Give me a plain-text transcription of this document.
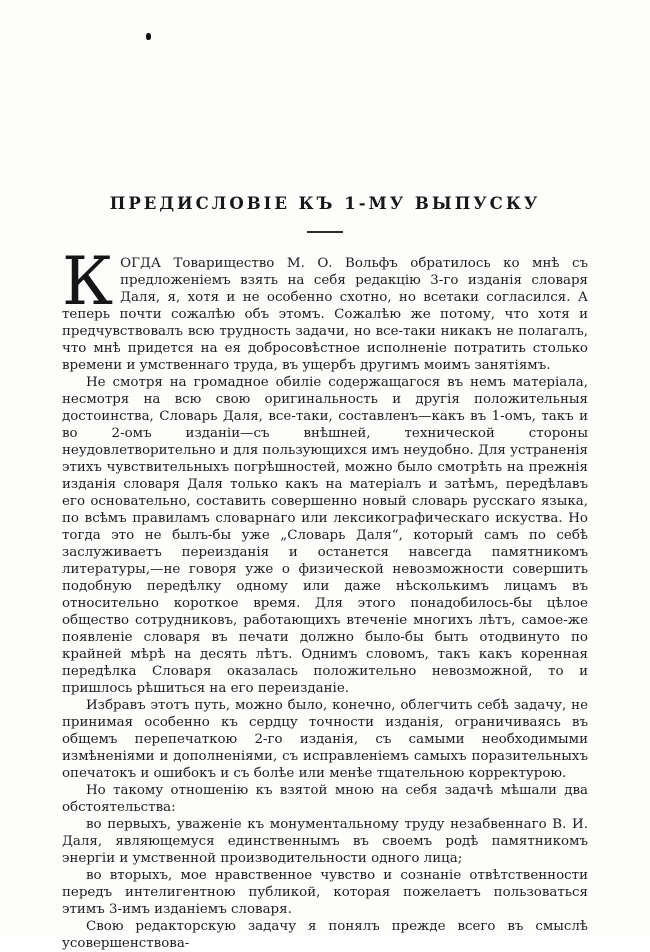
ПРЕДИСЛОВІЕ КЪ 1-МУ ВЫПУСКУ

КОГДА Товарищество М. О. Вольфъ обратилось ко мнѣ съ предложеніемъ взять на себя редакцію 3-го изданія словаря Даля, я, хотя и не особенно схотно, но всетаки согласился. А теперь почти сожалѣю объ этомъ. Сожалѣю же потому, что хотя и предчувствовалъ всю трудность задачи, но все-таки никакъ не полагалъ, что мнѣ придется на ея добросовѣстное исполненіе потратить столько времени и умственнаго труда, въ ущербъ другимъ моимъ занятіямъ.

Не смотря на громадное обиліе содержащагося въ немъ матеріала, несмотря на всю свою оригинальность и другія положительныя достоинства, Словарь Даля, все-таки, составленъ—какъ въ 1-омъ, такъ и во 2-омъ изданіи—съ внѣшней, технической стороны неудовлетворительно и для пользующихся имъ неудобно. Для устраненія этихъ чувствительныхъ погрѣшностей, можно было смотрѣть на прежнія изданія словаря Даля только какъ на матеріалъ и затѣмъ, передѣлавъ его основательно, составить совершенно новый словарь русскаго языка, по всѣмъ правиламъ словарнаго или лексикографическаго искуства. Но тогда это не былъ-бы уже „Словарь Даля“, который самъ по себѣ заслуживаетъ переизданія и останется навсегда памятникомъ литературы,—не говоря уже о физической невозможности совершить подобную передѣлку одному или даже нѣсколькимъ лицамъ въ относительно короткое время. Для этого понадобилось-бы цѣлое общество сотрудниковъ, работающихъ втеченіе многихъ лѣтъ, самое-же появленіе словаря въ печати должно было-бы быть отодвинуто по крайней мѣрѣ на десять лѣтъ. Однимъ словомъ, такъ какъ коренная передѣлка Словаря оказалась положительно невозможной, то и пришлось рѣшиться на его переизданіе.

Избравъ этотъ путь, можно было, конечно, облегчить себѣ задачу, не принимая особенно къ сердцу точности изданія, ограничиваясь въ общемъ перепечаткою 2-го изданія, съ самыми необходимыми измѣненіями и дополненіями, съ исправленіемъ самыхъ поразительныхъ опечатокъ и ошибокъ и съ болѣе или менѣе тщательною корректурою.

Но такому отношенію къ взятой мною на себя задачѣ мѣшали два обстоятельства:

во первыхъ, уваженіе къ монументальному труду незабвеннаго В. И. Даля, являющемуся единственнымъ въ своемъ родѣ памятникомъ энергіи и умственной производительности одного лица;

во вторыхъ, мое нравственное чувство и сознаніе отвѣтственности передъ интелигентною публикой, которая пожелаетъ пользоваться этимъ 3-имъ изданіемъ словаря.

Свою редакторскую задачу я понялъ прежде всего въ смыслѣ усовершенствова-
